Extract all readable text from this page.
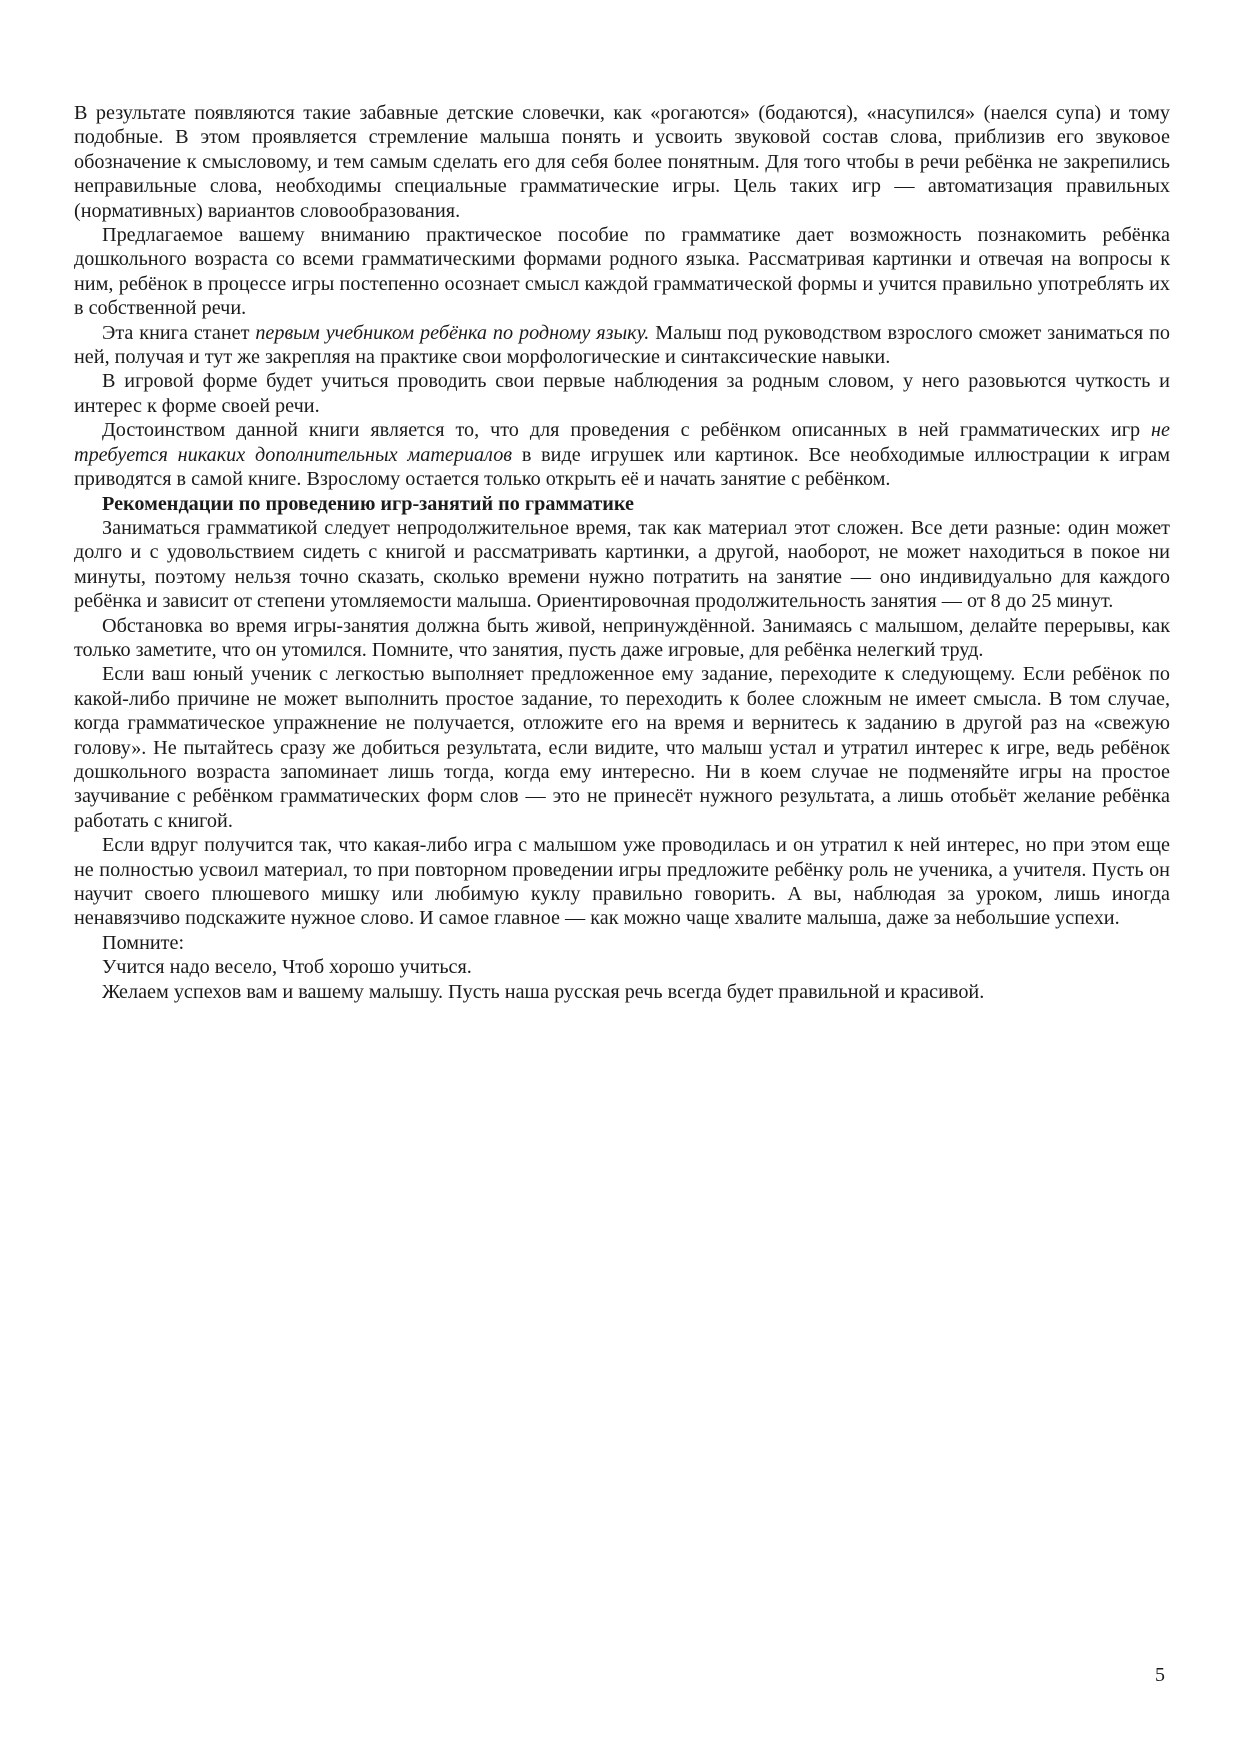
В результате появляются такие забавные детские словечки, как «рогаются» (бодаются), «насупился» (наелся супа) и тому подобные. В этом проявляется стремление малыша понять и усвоить звуковой состав слова, приблизив его звуковое обозначение к смысловому, и тем самым сделать его для себя более понятным. Для того чтобы в речи ребёнка не закрепились неправильные слова, необходимы специальные грамматические игры. Цель таких игр — автоматизация правильных (нормативных) вариантов словообразования.

Предлагаемое вашему вниманию практическое пособие по грамматике дает возможность познакомить ребёнка дошкольного возраста со всеми грамматическими формами родного языка. Рассматривая картинки и отвечая на вопросы к ним, ребёнок в процессе игры постепенно осознает смысл каждой грамматической формы и учится правильно употреблять их в собственной речи.

Эта книга станет первым учебником ребёнка по родному языку. Малыш под руководством взрослого сможет заниматься по ней, получая и тут же закрепляя на практике свои морфологические и синтаксические навыки.

В игровой форме будет учиться проводить свои первые наблюдения за родным словом, у него разовьются чуткость и интерес к форме своей речи.

Достоинством данной книги является то, что для проведения с ребёнком описанных в ней грамматических игр не требуется никаких дополнительных материалов в виде игрушек или картинок. Все необходимые иллюстрации к играм приводятся в самой книге. Взрослому остается только открыть её и начать занятие с ребёнком.

Рекомендации по проведению игр-занятий по грамматике

Заниматься грамматикой следует непродолжительное время, так как материал этот сложен. Все дети разные: один может долго и с удовольствием сидеть с книгой и рассматривать картинки, а другой, наоборот, не может находиться в покое ни минуты, поэтому нельзя точно сказать, сколько времени нужно потратить на занятие — оно индивидуально для каждого ребёнка и зависит от степени утомляемости малыша. Ориентировочная продолжительность занятия — от 8 до 25 минут.

Обстановка во время игры-занятия должна быть живой, непринуждённой. Занимаясь с малышом, делайте перерывы, как только заметите, что он утомился. Помните, что занятия, пусть даже игровые, для ребёнка нелегкий труд.

Если ваш юный ученик с легкостью выполняет предложенное ему задание, переходите к следующему. Если ребёнок по какой-либо причине не может выполнить простое задание, то переходить к более сложным не имеет смысла. В том случае, когда грамматическое упражнение не получается, отложите его на время и вернитесь к заданию в другой раз на «свежую голову». Не пытайтесь сразу же добиться результата, если видите, что малыш устал и утратил интерес к игре, ведь ребёнок дошкольного возраста запоминает лишь тогда, когда ему интересно. Ни в коем случае не подменяйте игры на простое заучивание с ребёнком грамматических форм слов — это не принесёт нужного результата, а лишь отобьёт желание ребёнка работать с книгой.

Если вдруг получится так, что какая-либо игра с малышом уже проводилась и он утратил к ней интерес, но при этом еще не полностью усвоил материал, то при повторном проведении игры предложите ребёнку роль не ученика, а учителя. Пусть он научит своего плюшевого мишку или любимую куклу правильно говорить. А вы, наблюдая за уроком, лишь иногда ненавязчиво подскажите нужное слово. И самое главное — как можно чаще хвалите малыша, даже за небольшие успехи.

Помните:

Учится надо весело, Чтоб хорошо учиться.

Желаем успехов вам и вашему малышу. Пусть наша русская речь всегда будет правильной и красивой.

5
